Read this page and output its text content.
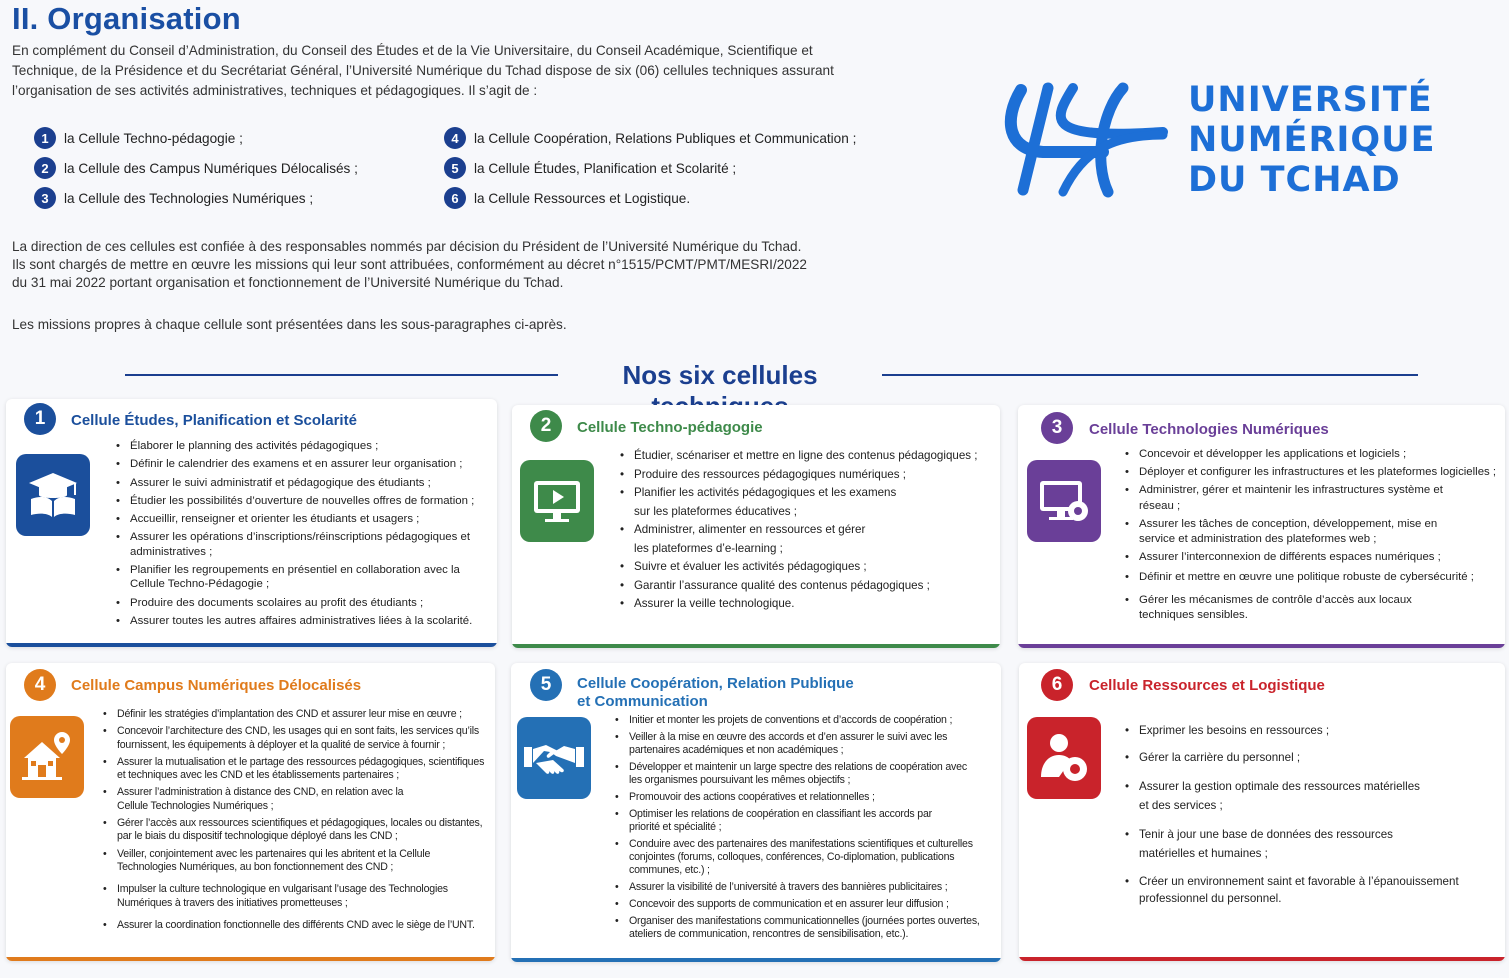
II. Organisation

En complément du Conseil d’Administration, du Conseil des Études et de la Vie Universitaire, du Conseil Académique, Scientifique et Technique, de la Présidence et du Secrétariat Général, l’Université Numérique du Tchad dispose de six (06) cellules techniques assurant l’organisation de ses activités administratives, techniques et pédagogiques. Il s’agit de :

1	la Cellule Techno-pédagogie ;
2	la Cellule des Campus Numériques Délocalisés ;
3	la Cellule des Technologies Numériques ;
4	la Cellule Coopération, Relations Publiques et Communication ;
5	la Cellule Études, Planification et Scolarité ;
6	la Cellule Ressources et Logistique.

La direction de ces cellules est confiée à des responsables nommés par décision du Président de l’Université Numérique du Tchad. Ils sont chargés de mettre en œuvre les missions qui leur sont attribuées, conformément au décret n°1515/PCMT/PMT/MESRI/2022 du 31 mai 2022 portant organisation et fonctionnement de l’Université Numérique du Tchad.

Les missions propres à chaque cellule sont présentées dans les sous-paragraphes ci-après.

UNIVERSITÉ
NUMÉRIQUE
DU TCHAD
Nos six cellules
1	Cellule Études, Planification et Scolarité
• Élaborer le planning des activités pédagogiques ;
• Définir le calendrier des examens et en assurer leur organisation ;
• Assurer le suivi administratif et pédagogique des étudiants ;
• Étudier les possibilités d’ouverture de nouvelles offres de formation ;
• Accueillir, renseigner et orienter les étudiants et usagers ;
• Assurer les opérations d’inscriptions/réinscriptions pédagogiques et administratives ;
• Planifier les regroupements en présentiel en collaboration avec la Cellule Techno-Pédagogie ;
• Produire des documents scolaires au profit des étudiants ;
• Assurer toutes les autres affaires administratives liées à la scolarité.
2	Cellule Techno-pédagogie
• Étudier, scénariser et mettre en ligne des contenus pédagogiques ;
• Produire des ressources pédagogiques numériques ;
• Planifier les activités pédagogiques et les examens sur les plateformes éducatives ;
• Administrer, alimenter en ressources et gérer les plateformes d’e-learning ;
• Suivre et évaluer les activités pédagogiques ;
• Garantir l’assurance qualité des contenus pédagogiques ;
• Assurer la veille technologique.
3	Cellule Technologies Numériques
• Concevoir et développer les applications et logiciels ;
• Déployer et configurer les infrastructures et les plateformes logicielles ;
• Administrer, gérer et maintenir les infrastructures système et réseau ;
• Assurer les tâches de conception, développement, mise en service et administration des plateformes web ;
• Assurer l’interconnexion de différents espaces numériques ;
• Définir et mettre en œuvre une politique robuste de cybersécurité ;
• Gérer les mécanismes de contrôle d’accès aux locaux techniques sensibles.
4	Cellule Campus Numériques Délocalisés
• Définir les stratégies d’implantation des CND et assurer leur mise en œuvre ;
• Concevoir l’architecture des CND, les usages qui en sont faits, les services qu’ils fournissent, les équipements à déployer et la qualité de service à fournir ;
• Assurer la mutualisation et le partage des ressources pédagogiques, scientifiques et techniques avec les CND et les établissements partenaires ;
• Assurer l’administration à distance des CND, en relation avec la Cellule Technologies Numériques ;
• Gérer l’accès aux ressources scientifiques et pédagogiques, locales ou distantes, par le biais du dispositif technologique déployé dans les CND ;
• Veiller, conjointement avec les partenaires qui les abritent et la Cellule Technologies Numériques, au bon fonctionnement des CND ;
• Impulser la culture technologique en vulgarisant l’usage des Technologies Numériques à travers des initiatives prometteuses ;
• Assurer la coordination fonctionnelle des différents CND avec le siège de l’UNT.
5	Cellule Coopération, Relation Publique et Communication
• Initier et monter les projets de conventions et d’accords de coopération ;
• Veiller à la mise en œuvre des accords et d’en assurer le suivi avec les partenaires académiques et non académiques ;
• Développer et maintenir un large spectre des relations de coopération avec les organismes poursuivant les mêmes objectifs ;
• Promouvoir des actions coopératives et relationnelles ;
• Optimiser les relations de coopération en classifiant les accords par priorité et spécialité ;
• Conduire avec des partenaires des manifestations scientifiques et culturelles conjointes (forums, colloques, conférences, Co-diplomation, publications communes, etc.) ;
• Assurer la visibilité de l’université à travers des bannières publicitaires ;
• Concevoir des supports de communication et en assurer leur diffusion ;
• Organiser des manifestations communicationnelles (journées portes ouvertes, ateliers de communication, rencontres de sensibilisation, etc.).
6	Cellule Ressources et Logistique
• Exprimer les besoins en ressources ;
• Gérer la carrière du personnel ;
• Assurer la gestion optimale des ressources matérielles et des services ;
• Tenir à jour une base de données des ressources matérielles et humaines ;
• Créer un environnement saint et favorable à l’épanouissement professionnel du personnel.
